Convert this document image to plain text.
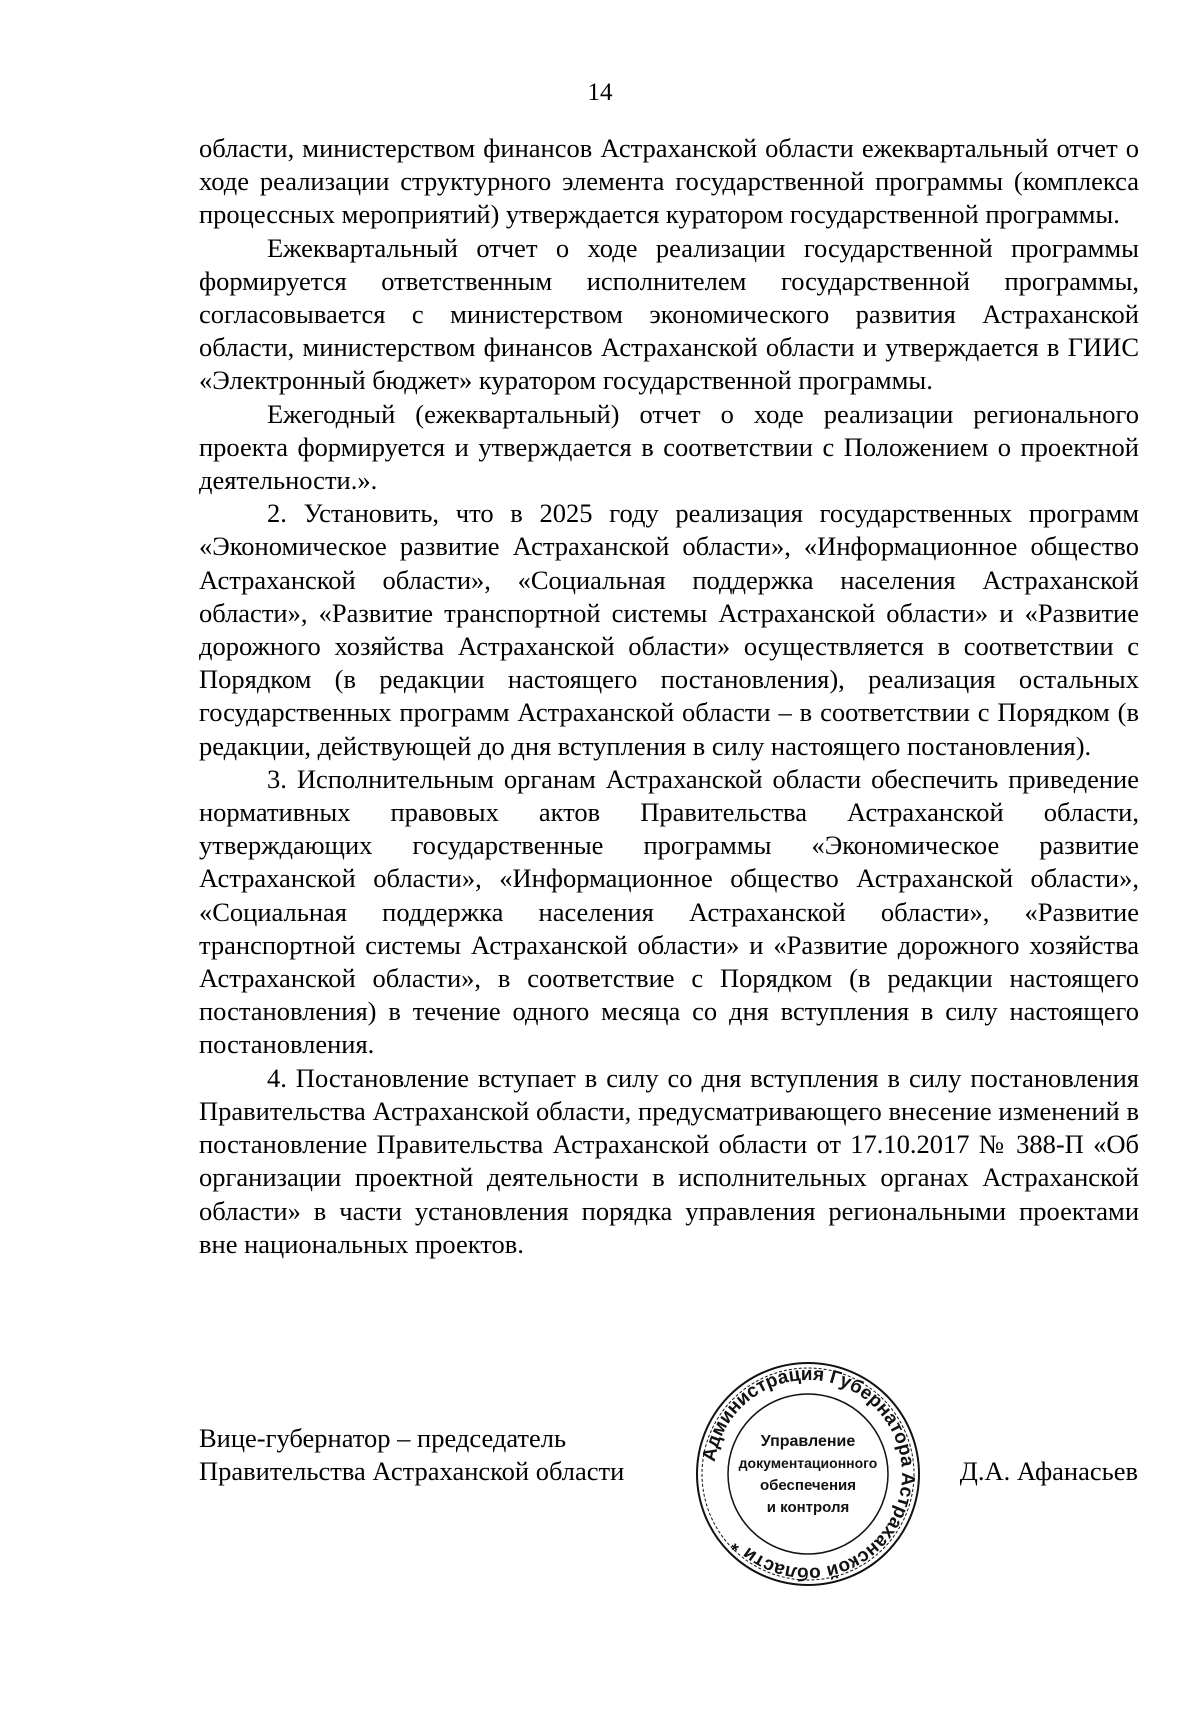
14

области, министерством финансов Астраханской области ежеквартальный отчет о ходе реализации структурного элемента государственной программы (комплекса процессных мероприятий) утверждается куратором государственной программы.

Ежеквартальный отчет о ходе реализации государственной программы формируется ответственным исполнителем государственной программы, согласовывается с министерством экономического развития Астраханской области, министерством финансов Астраханской области и утверждается в ГИИС «Электронный бюджет» куратором государственной программы.

Ежегодный (ежеквартальный) отчет о ходе реализации регионального проекта формируется и утверждается в соответствии с Положением о проектной деятельности.».

2. Установить, что в 2025 году реализация государственных программ «Экономическое развитие Астраханской области», «Информационное общество Астраханской области», «Социальная поддержка населения Астраханской области», «Развитие транспортной системы Астраханской области» и «Развитие дорожного хозяйства Астраханской области» осуществляется в соответствии с Порядком (в редакции настоящего постановления), реализация остальных государственных программ Астраханской области – в соответствии с Порядком (в редакции, действующей до дня вступления в силу настоящего постановления).

3. Исполнительным органам Астраханской области обеспечить приведение нормативных правовых актов Правительства Астраханской области, утверждающих государственные программы «Экономическое развитие Астраханской области», «Информационное общество Астраханской области», «Социальная поддержка населения Астраханской области», «Развитие транспортной системы Астраханской области» и «Развитие дорожного хозяйства Астраханской области», в соответствие с Порядком (в редакции настоящего постановления) в течение одного месяца со дня вступления в силу настоящего постановления.

4. Постановление вступает в силу со дня вступления в силу постановления Правительства Астраханской области, предусматривающего внесение изменений в постановление Правительства Астраханской области от 17.10.2017 № 388-П «Об организации проектной деятельности в исполнительных органах Астраханской области» в части установления порядка управления региональными проектами вне национальных проектов.

Вице-губернатор – председатель
Правительства Астраханской области	Д.А. Афанасьев
Администрация Губернатора Астраханской области *
Управление
документационного
обеспечения
и контроля
